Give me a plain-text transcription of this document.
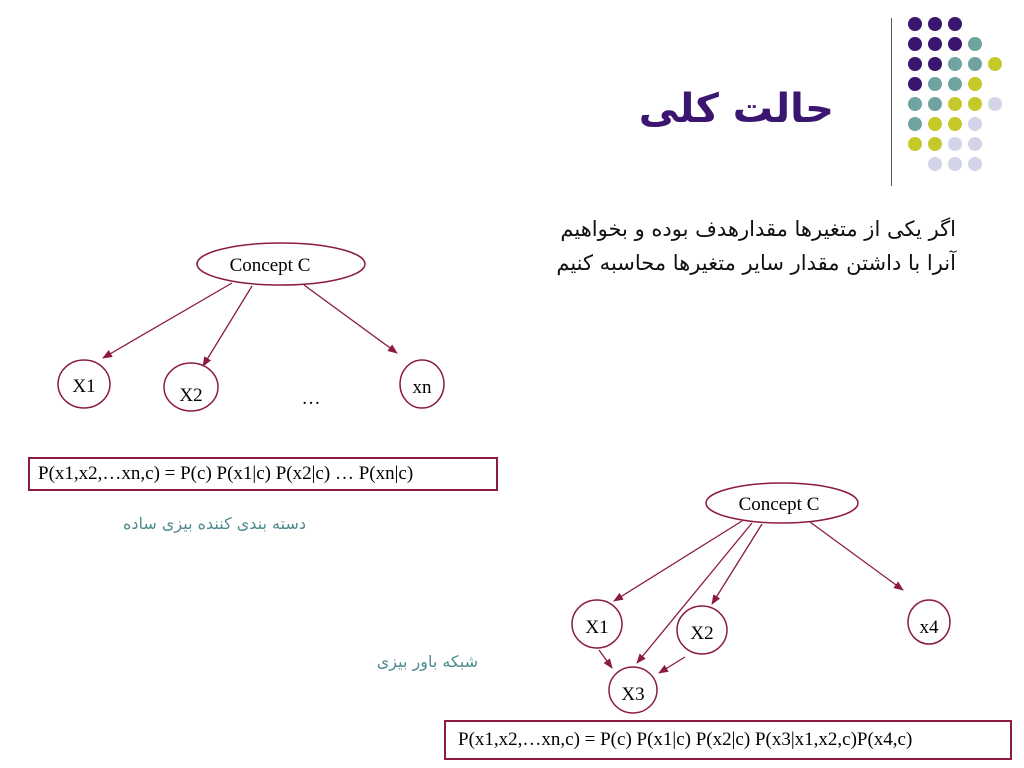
حالت کلی
اگر یکی از متغیرها مقدارهدف بوده و بخواهیم
آنرا با داشتن مقدار سایر متغیرها محاسبه کنیم
Concept C
X1	X2	xn
…
Concept C
X1	X2	x4
X3
P(x1,x2,…xn,c) = P(c) P(x1|c) P(x2|c) … P(xn|c)
دسته بندی کننده بیزی ساده
شبکه باور بیزی
P(x1,x2,…xn,c) = P(c) P(x1|c) P(x2|c) P(x3|x1,x2,c)P(x4,c)
